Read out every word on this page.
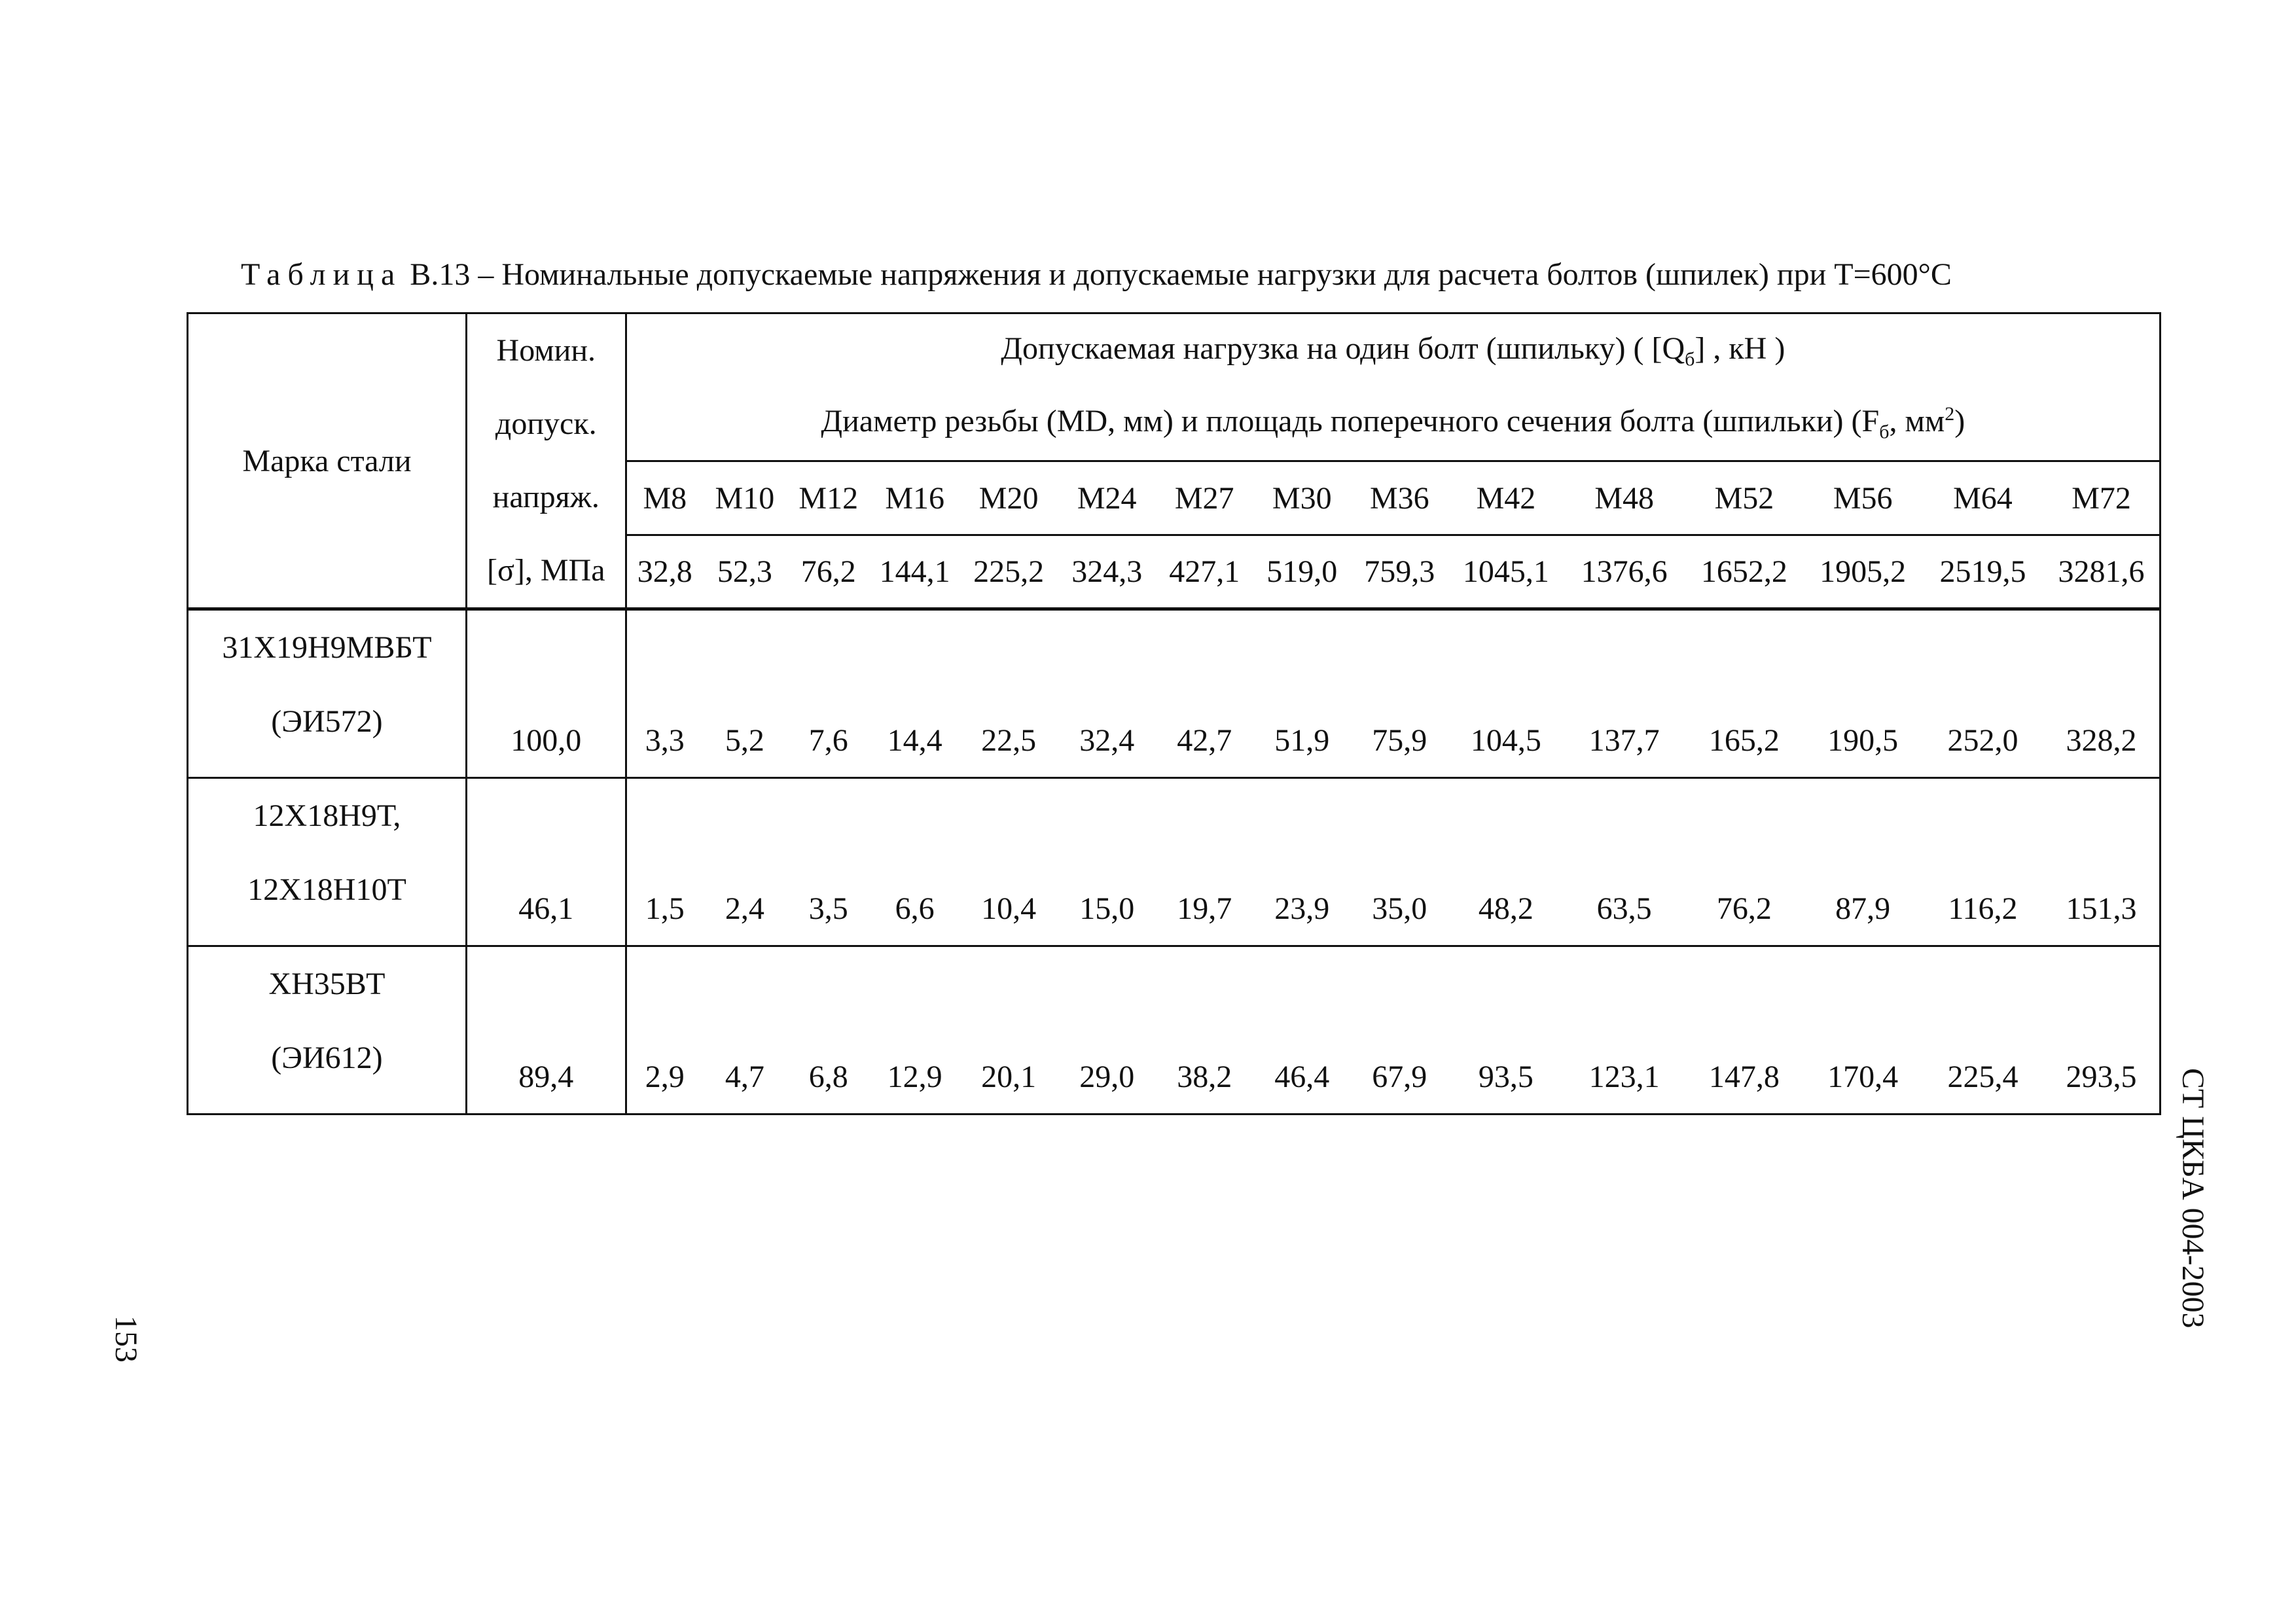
Таблица В.13 – Номинальные допускаемые напряжения и допускаемые нагрузки для расчета болтов (шпилек) при Т=600°С
Марка стали	Номин.
допуск.
напряж.
[σ], МПа	Допускаемая нагрузка на один болт (шпильку) ( $[Q_б]$ , кН )														
		Диаметр резьбы (MD, мм) и площадь поперечного сечения болта (шпильки) ($F_б$, $мм^2$)														
		M8	M10	M12	M16	M20	M24	M27	M30	M36	M42	M48	M52	M56	M64	M72
		32,8	52,3	76,2	144,1	225,2	324,3	427,1	519,0	759,3	1045,1	1376,6	1652,2	1905,2	2519,5	3281,6

31Х19Н9МВБТ
(ЭИ572)	100,0	3,3	5,2	7,6	14,4	22,5	32,4	42,7	51,9	75,9	104,5	137,7	165,2	190,5	252,0	328,2

12Х18Н9Т,
12Х18Н10Т	46,1	1,5	2,4	3,5	6,6	10,4	15,0	19,7	23,9	35,0	48,2	63,5	76,2	87,9	116,2	151,3

ХН35ВТ
(ЭИ612)	89,4	2,9	4,7	6,8	12,9	20,1	29,0	38,2	46,4	67,9	93,5	123,1	147,8	170,4	225,4	293,5 СТ ЦКБА 004-2003
153
